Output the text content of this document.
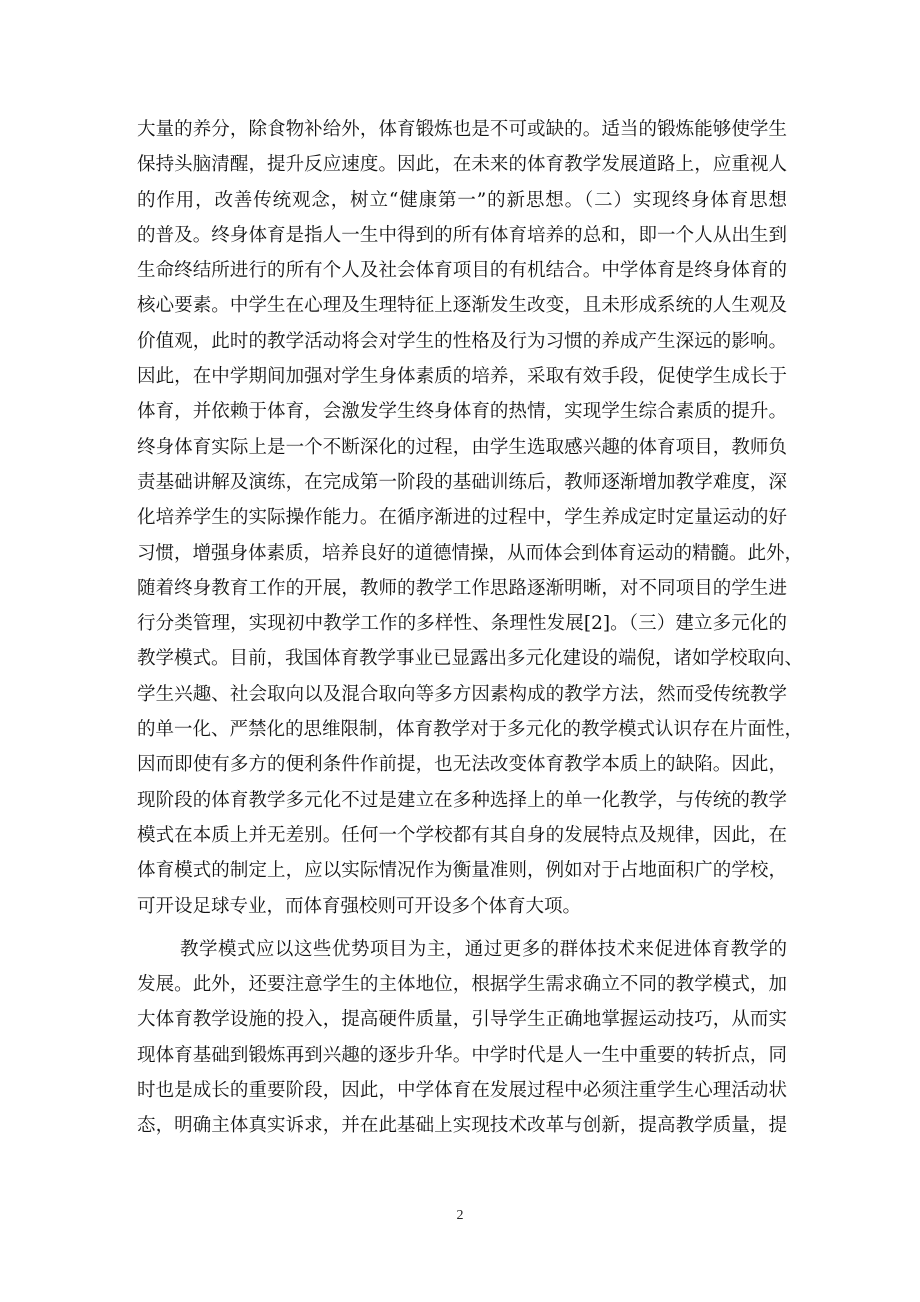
大量的养分，除食物补给外，体育锻炼也是不可或缺的。适当的锻炼能够使学生
保持头脑清醒，提升反应速度。因此，在未来的体育教学发展道路上，应重视人
的作用，改善传统观念，树立“健康第一”的新思想。（二）实现终身体育思想
的普及。终身体育是指人一生中得到的所有体育培养的总和，即一个人从出生到
生命终结所进行的所有个人及社会体育项目的有机结合。中学体育是终身体育的
核心要素。中学生在心理及生理特征上逐渐发生改变，且未形成系统的人生观及
价值观，此时的教学活动将会对学生的性格及行为习惯的养成产生深远的影响。
因此，在中学期间加强对学生身体素质的培养，采取有效手段，促使学生成长于
体育，并依赖于体育，会激发学生终身体育的热情，实现学生综合素质的提升。
终身体育实际上是一个不断深化的过程，由学生选取感兴趣的体育项目，教师负
责基础讲解及演练，在完成第一阶段的基础训练后，教师逐渐增加教学难度，深
化培养学生的实际操作能力。在循序渐进的过程中，学生养成定时定量运动的好
习惯，增强身体素质，培养良好的道德情操，从而体会到体育运动的精髓。此外，
随着终身教育工作的开展，教师的教学工作思路逐渐明晰，对不同项目的学生进
行分类管理，实现初中教学工作的多样性、条理性发展[2]。（三）建立多元化的
教学模式。目前，我国体育教学事业已显露出多元化建设的端倪，诸如学校取向、
学生兴趣、社会取向以及混合取向等多方因素构成的教学方法，然而受传统教学
的单一化、严禁化的思维限制，体育教学对于多元化的教学模式认识存在片面性，
因而即使有多方的便利条件作前提，也无法改变体育教学本质上的缺陷。因此，
现阶段的体育教学多元化不过是建立在多种选择上的单一化教学，与传统的教学
模式在本质上并无差别。任何一个学校都有其自身的发展特点及规律，因此，在
体育模式的制定上，应以实际情况作为衡量准则，例如对于占地面积广的学校，
可开设足球专业，而体育强校则可开设多个体育大项。
教学模式应以这些优势项目为主，通过更多的群体技术来促进体育教学的
发展。此外，还要注意学生的主体地位，根据学生需求确立不同的教学模式，加
大体育教学设施的投入，提高硬件质量，引导学生正确地掌握运动技巧，从而实
现体育基础到锻炼再到兴趣的逐步升华。中学时代是人一生中重要的转折点，同
时也是成长的重要阶段，因此，中学体育在发展过程中必须注重学生心理活动状
态，明确主体真实诉求，并在此基础上实现技术改革与创新，提高教学质量，提
2
